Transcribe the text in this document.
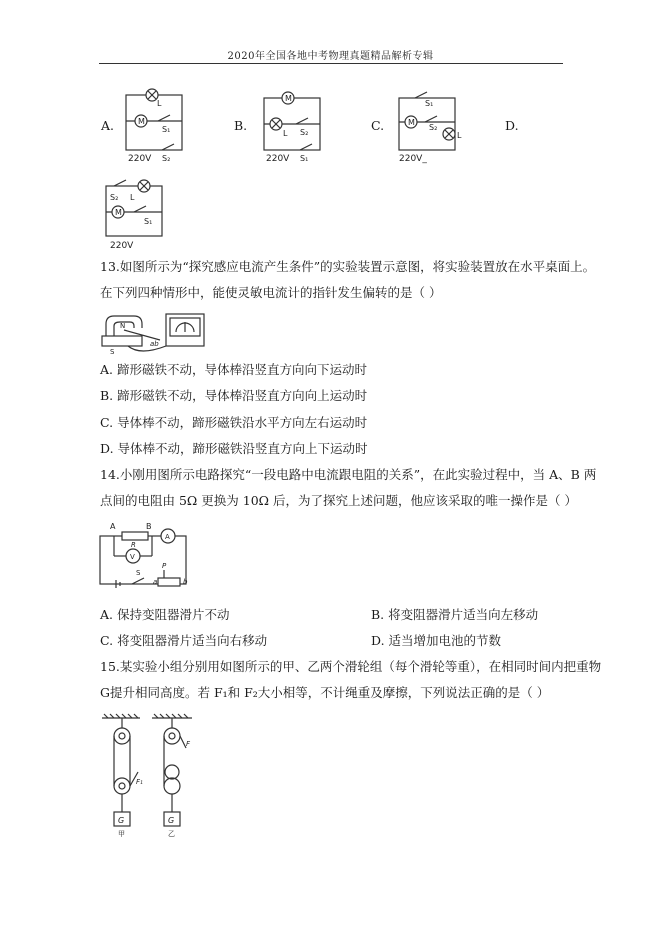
2020年全国各地中考物理真题精品解析专辑
A.	B.	C.	D.
M
L
S₁
220V S₂
M
L S₂
220V S₁
M
S₁
S₂
L
220V_
S₂ L
M
S₁
220V
13.如图所示为“探究感应电流产生条件”的实验装置示意图，将实验装置放在水平桌面上。
在下列四种情形中，能使灵敏电流计的指针发生偏转的是（ ）
N
S
ab
A. 蹄形磁铁不动，导体棒沿竖直方向向下运动时
B. 蹄形磁铁不动，导体棒沿竖直方向向上运动时
C. 导体棒不动，蹄形磁铁沿水平方向左右运动时
D. 导体棒不动，蹄形磁铁沿竖直方向上下运动时
14.小刚用图所示电路探究“一段电路中电流跟电阻的关系”，在此实验过程中，当 A、B 两
点间的电阻由 5Ω 更换为 10Ω 后，为了探究上述问题，他应该采取的唯一操作是（ ）
A	B
R
A
V
S
P
a	b
A. 保持变阻器滑片不动	B. 将变阻器滑片适当向左移动
C. 将变阻器滑片适当向右移动	D. 适当增加电池的节数
15.某实验小组分别用如图所示的甲、乙两个滑轮组（每个滑轮等重），在相同时间内把重物
G提升相同高度。若 F₁和 F₂大小相等，不计绳重及摩擦，下列说法正确的是（ ）
G	G
F₁
F
甲	乙
